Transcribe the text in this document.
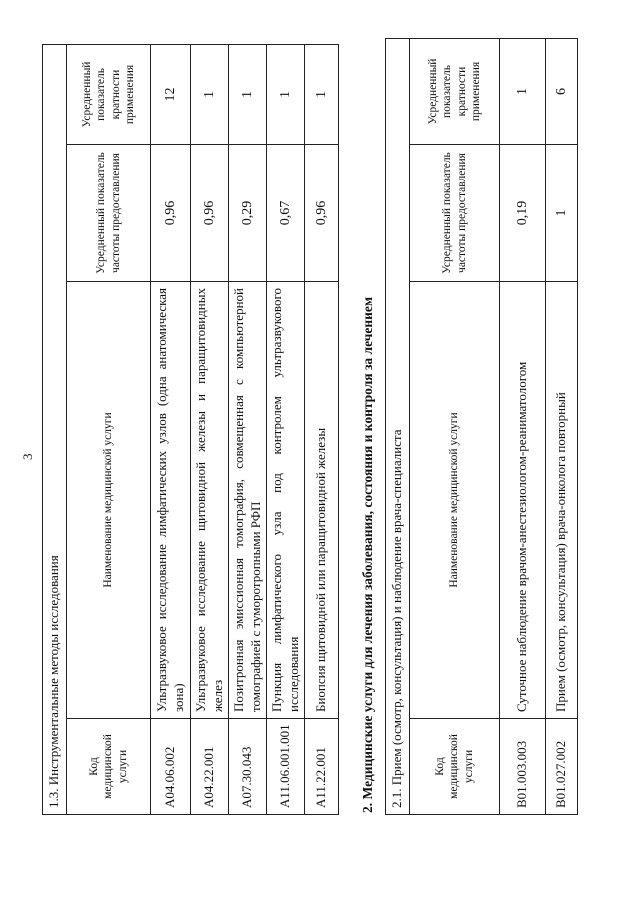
3
1.3. Инструментальные методы исследования			
Код медицинской услуги	Наименование медицинской услуги	Усредненный показатель частоты предоставления	Усредненный показатель кратности применения
A04.06.002	Ультразвуковое исследование лимфатических узлов (одна анатомическая зона)	0,96	12
A04.22.001	Ультразвуковое исследование щитовидной железы и паращитовидных желез	0,96	1
A07.30.043	Позитронная эмиссионная томография, совмещенная с компьютерной томографией с туморотропными РФП	0,29	1
A11.06.001.001	Пункция лимфатического узла под контролем ультразвукового исследования	0,67	1
A11.22.001	Биопсия щитовидной или паращитовидной железы	0,96	1
2. Медицинские услуги для лечения заболевания, состояния и контроля за лечением 2.1. Прием (осмотр, консультация) и наблюдение врача-специалиста			
Код медицинской услуги	Наименование медицинской услуги	Усредненный показатель частоты предоставления	Усредненный показатель кратности применения
B01.003.003	Суточное наблюдение врачом-анестезиологом-реаниматологом	0,19	1
B01.027.002	Прием (осмотр, консультация) врача-онколога повторный	1	6
